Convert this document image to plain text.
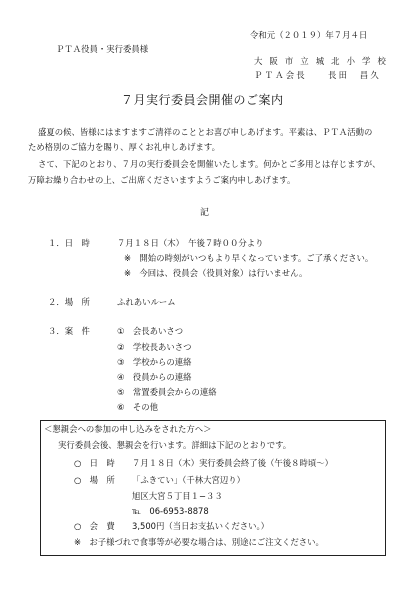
令和元（２０１９）年７月４日
ＰＴＡ役員・実行委員様
大 阪 市 立 城 北 小 学 校
ＰＴＡ会長　　長田　昌久
７月実行委員会開催のご案内
盛夏の候、皆様にはますますご清祥のこととお喜び申しあげます。平素は、ＰＴＡ活動の
ため格別のご協力を賜り、厚くお礼申しあげます。
さて、下記のとおり、７月の実行委員会を開催いたします。何かとご多用とは存じますが、
万障お繰り合わせの上、ご出席くださいますようご案内申しあげます。
記
１．日　時	７月１８日（木）　午後７時００分より
※　開始の時刻がいつもより早くなっています。ご了承ください。
※　今回は、役員会（役員対象）は行いません。
２．場　所	ふれあいルーム
３．案　件	①　会長あいさつ
②　学校長あいさつ
③　学校からの連絡
④　役員からの連絡
⑤　常置委員会からの連絡
⑥　その他
＜懇親会への参加の申し込みをされた方へ＞
実行委員会後、懇親会を行います。詳細は下記のとおりです。
○　日　時 ７月１８日（木）実行委員会終了後（午後８時頃～）
○　場　所 「ふきてい」（千林大宮辺り）
旭区大宮５丁目１−３３
℡　06-6953-8878
○　会　費 3,500円（当日お支払いください。）
※　お子様づれで食事等が必要な場合は、別途にご注文ください。
